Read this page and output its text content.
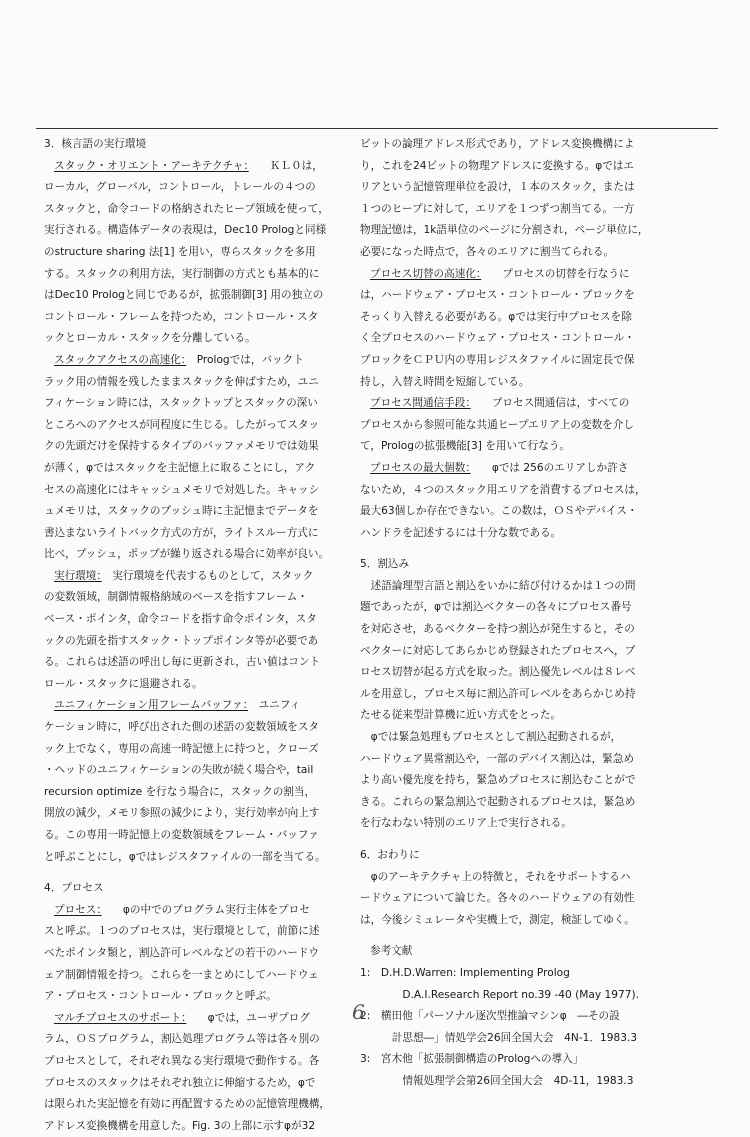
3．核言語の実行環境
スタック・オリエント・アーキテクチャ：　　 ＫＬ０は，
ローカル，グローバル，コントロール，トレールの４つの
スタックと，命令コードの格納されたヒープ領域を使って，
実行される。構造体データの表現は，Dec10 Prologと同様
のstructure sharing 法[1] を用い，専らスタックを多用
する。スタックの利用方法，実行制御の方式とも基本的に
はDec10 Prologと同じであるが，拡張制御[3] 用の独立の
コントロール・フレームを持つため，コントロール・スタ
ックとローカル・スタックを分離している。
スタックアクセスの高速化：　 Prologでは，バックト
ラック用の情報を残したままスタックを伸ばすため，ユニ
フィケーション時には，スタックトップとスタックの深い
ところへのアクセスが同程度に生じる。したがってスタッ
クの先頭だけを保持するタイプのバッファメモリでは効果
が薄く，φではスタックを主記憶上に取ることにし，アク
セスの高速化にはキャッシュメモリで対処した。キャッシ
ュメモリは，スタックのプッシュ時に主記憶までデータを
書込まないライトバック方式の方が，ライトスルー方式に
比べ，プッシュ，ポップが繰り返される場合に効率が良い。
実行環境：　 実行環境を代表するものとして，スタック
の変数領域，制御情報格納域のベースを指すフレーム・
ベース・ポインタ，命令コードを指す命令ポインタ，スタ
ックの先頭を指すスタック・トップポインタ等が必要であ
る。これらは述語の呼出し毎に更新され，古い値はコント
ロール・スタックに退避される。
ユニフィケーション用フレームバッファ：　 ユニフィ
ケーション時に，呼び出された側の述語の変数領域をスタ
ック上でなく，専用の高速一時記憶上に持つと，クローズ
・ヘッドのユニフィケーションの失敗が続く場合や，tail
recursion optimize を行なう場合に，スタックの割当，
開放の減少，メモリ参照の減少により，実行効率が向上す
る。この専用一時記憶上の変数領域をフレーム・バッファ
と呼ぶことにし，φではレジスタファイルの一部を当てる。
4．プロセス
プロセス：　　 φの中でのプログラム実行主体をプロセ
スと呼ぶ。１つのプロセスは，実行環境として，前節に述
べたポインタ類と，割込許可レベルなどの若干のハードウ
ェア制御情報を持つ。これらを一まとめにしてハードウェ
ア・プロセス・コントロール・ブロックと呼ぶ。
マルチプロセスのサポート：　　 φでは，ユーザプログ
ラム，ＯＳプログラム，割込処理プログラム等は各々別の
プロセスとして，それぞれ異なる実行環境で動作する。各
プロセスのスタックはそれぞれ独立に伸縮するため，φで
は限られた実記憶を有効に再配置するための記憶管理機構，
アドレス変換機構を用意した。Fig. 3の上部に示すφが32
ビットの論理アドレス形式であり，アドレス変換機構によ
り，これを24ビットの物理アドレスに変換する。φではエ
リアという記憶管理単位を設け，１本のスタック，または
１つのヒープに対して，エリアを１つずつ割当てる。一方
物理記憶は，1k語単位のページに分割され，ページ単位に，
必要になった時点で，各々のエリアに割当てられる。
プロセス切替の高速化：　　 プロセスの切替を行なうに
は，ハードウェア・プロセス・コントロール・ブロックを
そっくり入替える必要がある。φでは実行中プロセスを除
く全プロセスのハードウェア・プロセス・コントロール・
ブロックをＣＰＵ内の専用レジスタファイルに固定長で保
持し，入替え時間を短縮している。
プロセス間通信手段：　　 プロセス間通信は，すべての
プロセスから参照可能な共通ヒープエリア上の変数を介し
て，Prologの拡張機能[3] を用いて行なう。
プロセスの最大個数：　　 φでは 256のエリアしか許さ
ないため，４つのスタック用エリアを消費するプロセスは，
最大63個しか存在できない。この数は，ＯＳやデバイス・
ハンドラを記述するには十分な数である。
5．割込み
　述語論理型言語と割込をいかに結び付けるかは１つの問
題であったが，φでは割込ベクターの各々にプロセス番号
を対応させ，あるベクターを持つ割込が発生すると，その
ベクターに対応してあらかじめ登録されたプロセスへ，プ
ロセス切替が起る方式を取った。割込優先レベルは８レベ
ルを用意し，プロセス毎に割込許可レベルをあらかじめ持
たせる従来型計算機に近い方式をとった。
　φでは緊急処理もプロセスとして割込起動されるが，
ハードウェア異常割込や，一部のデバイス割込は，緊急め
より高い優先度を持ち，緊急めプロセスに割込むことがで
きる。これらの緊急割込で起動されるプロセスは，緊急め
を行なわない特別のエリア上で実行される。
6．おわりに
　φのアーキテクチャ上の特徴と，それをサポートするハ
ードウェアについて論じた。各々のハードウェアの有効性
は，今後シミュレータや実機上で，測定，検証してゆく。
参考文献
1:　D.H.D.Warren: Implementing Prolog
　　　　D.A.I.Research Report no.39 -40 (May 1977).
2:　横田他「パーソナル逐次型推論マシンφ　―その設
　　　計思想―」情処学会26回全国大会　4N-1．1983.3
3:　宮木他「拡張制御構造のPrologへの導入」
　　　　情報処理学会第26回全国大会　4D-11，1983.3
6
